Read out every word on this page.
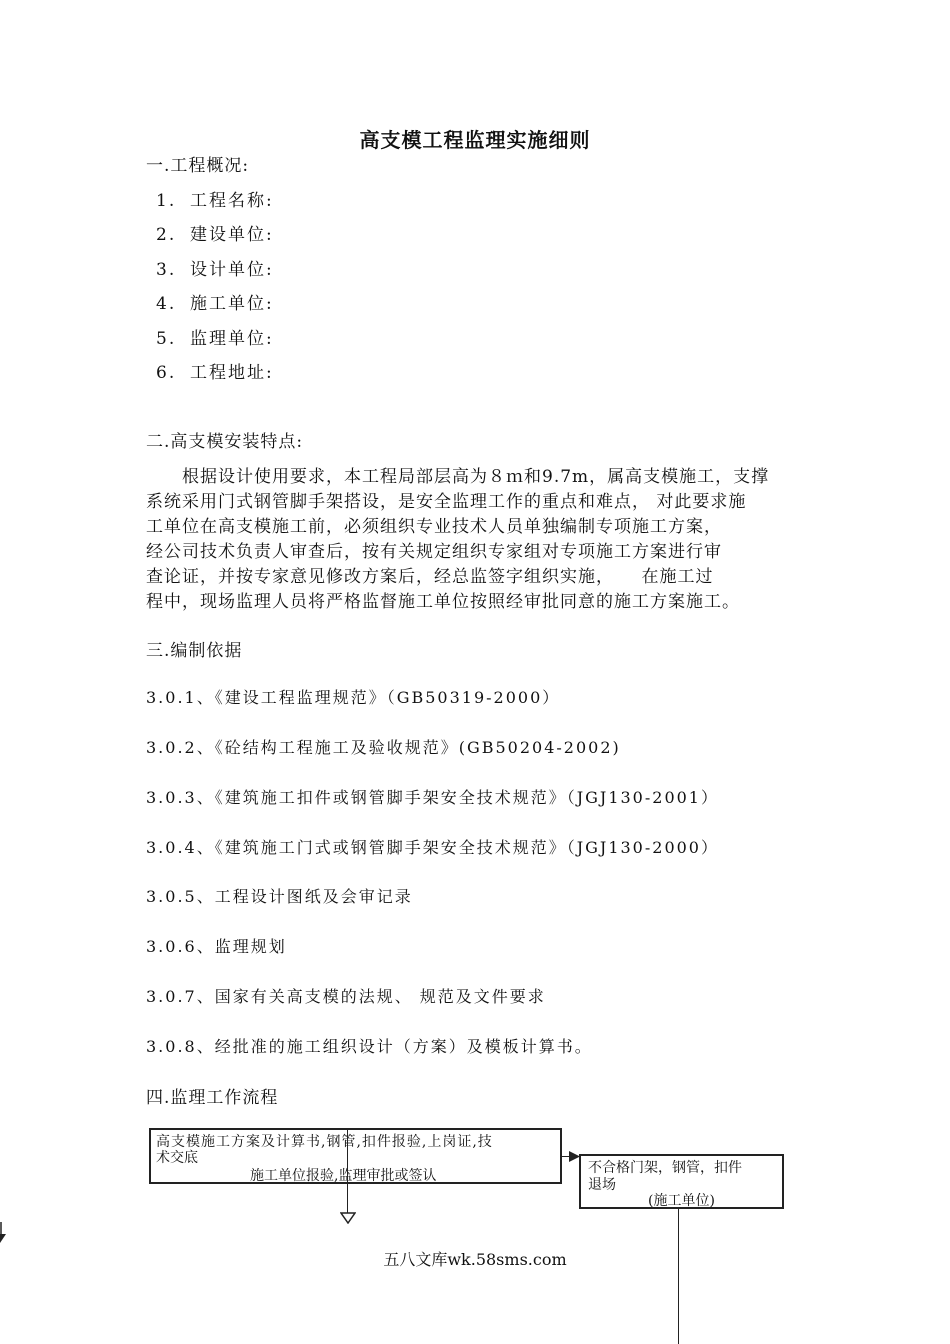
高支模工程监理实施细则
一.工程概况:
1. 工程名称:
2. 建设单位:
3. 设计单位:
4. 施工单位:
5. 监理单位:
6. 工程地址:
二.高支模安装特点:
根据设计使用要求，本工程局部层高为８ｍ和9.7m，属高支模施工，支撑
系统采用门式钢管脚手架搭设，是安全监理工作的重点和难点， 对此要求施
工单位在高支模施工前，必须组织专业技术人员单独编制专项施工方案，
经公司技术负责人审查后，按有关规定组织专家组对专项施工方案进行审
查论证，并按专家意见修改方案后，经总监签字组织实施，　　在施工过
程中，现场监理人员将严格监督施工单位按照经审批同意的施工方案施工。
三.编制依据
3.0.1、《建设工程监理规范》（GB50319-2000）
3.0.2、《砼结构工程施工及验收规范》(GB50204-2002)
3.0.3、《建筑施工扣件或钢管脚手架安全技术规范》（JGJ130-2001）
3.0.4、《建筑施工门式或钢管脚手架安全技术规范》（JGJ130-2000）
3.0.5、工程设计图纸及会审记录
3.0.6、监理规划
3.0.7、国家有关高支模的法规、 规范及文件要求
3.0.8、经批准的施工组织设计（方案）及模板计算书。
四.监理工作流程
高支模施工方案及计算书,钢管,扣件报验,上岗证,技
术交底
施工单位报验,监理审批或签认	不合格门架，钢管，扣件
退场
(施工单位)
五八文库wk.58sms.com
